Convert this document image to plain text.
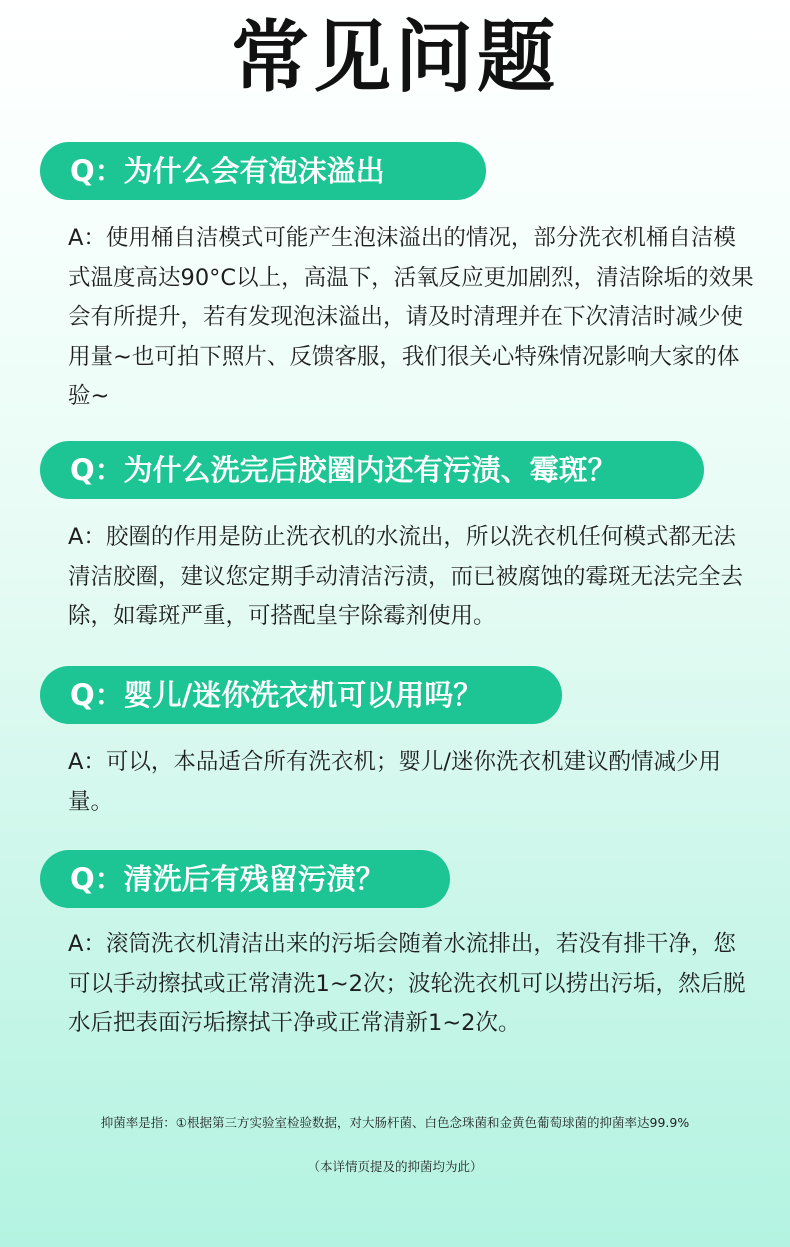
常见问题
Q：为什么会有泡沫溢出
A：使用桶自洁模式可能产生泡沫溢出的情况，部分洗衣机桶自洁模式温度高达90°C以上，高温下，活氧反应更加剧烈，清洁除垢的效果会有所提升，若有发现泡沫溢出，请及时清理并在下次清洁时减少使用量~也可拍下照片、反馈客服，我们很关心特殊情况影响大家的体验~
Q：为什么洗完后胶圈内还有污渍、霉斑？
A：胶圈的作用是防止洗衣机的水流出，所以洗衣机任何模式都无法清洁胶圈，建议您定期手动清洁污渍，而已被腐蚀的霉斑无法完全去除，如霉斑严重，可搭配皇宇除霉剂使用。
Q：婴儿/迷你洗衣机可以用吗？
A：可以，本品适合所有洗衣机；婴儿/迷你洗衣机建议酌情减少用量。
Q：清洗后有残留污渍？
A：滚筒洗衣机清洁出来的污垢会随着水流排出，若没有排干净，您可以手动擦拭或正常清洗1~2次；波轮洗衣机可以捞出污垢，然后脱水后把表面污垢擦拭干净或正常清新1~2次。
抑菌率是指：①根据第三方实验室检验数据，对大肠杆菌、白色念珠菌和金黄色葡萄球菌的抑菌率达99.9%
（本详情页提及的抑菌均为此）
